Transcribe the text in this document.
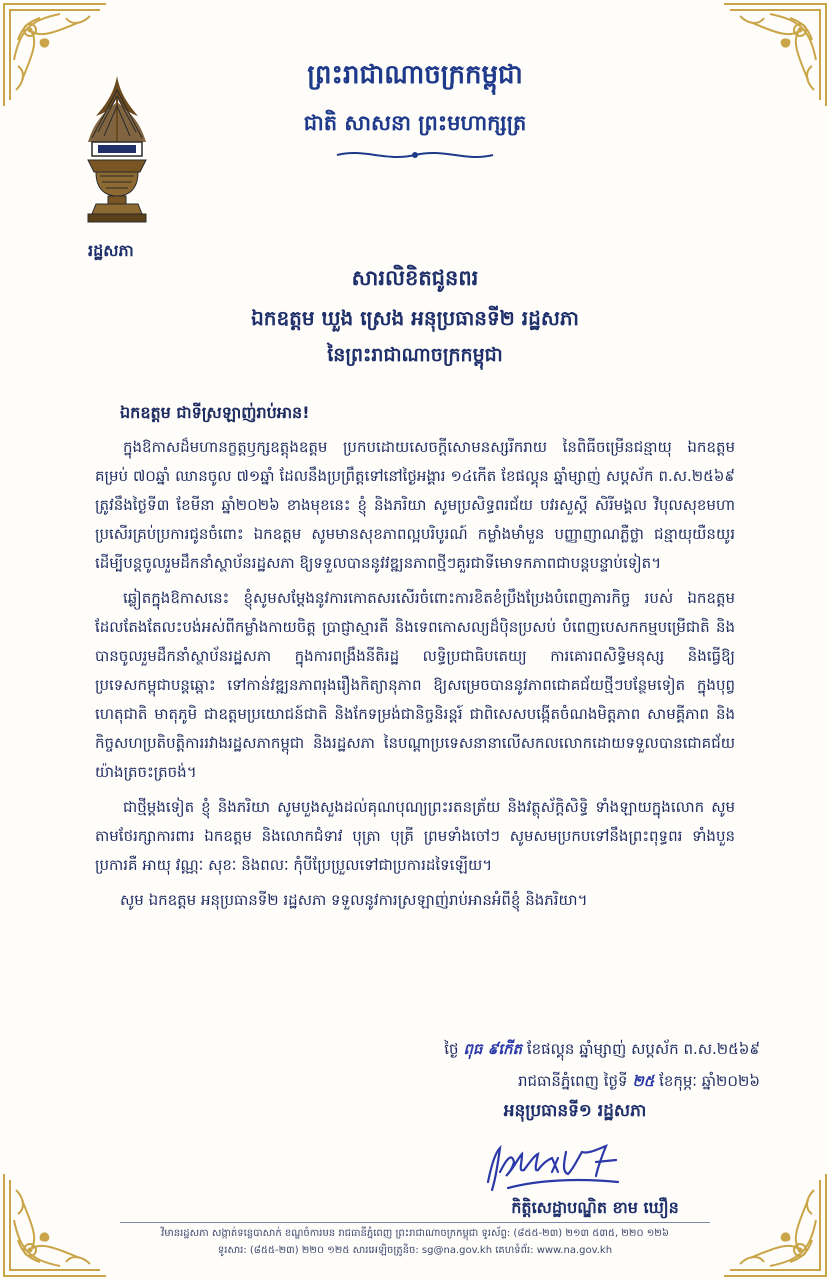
រដ្ឋសភា
ព្រះរាជាណាចក្រកម្ពុជា
ជាតិ សាសនា ព្រះមហាក្សត្រ
សារលិខិតជូនពរ
ឯកឧត្តម ឃួង ស្រេង អនុប្រធានទី២ រដ្ឋសភា
នៃព្រះរាជាណាចក្រកម្ពុជា

ឯកឧត្តម ជាទីស្រឡាញ់រាប់អាន!

ក្នុងឱកាសដ៏មហានក្ខត្តឫក្សឧត្តុងឧត្តម ប្រកបដោយសេចក្តីសោមនស្សរីករាយ នៃពិធីចម្រើនជន្មាយុ ឯកឧត្តម គម្រប់ ៧០ឆ្នាំ ឈានចូល ៧១ឆ្នាំ ដែលនឹងប្រព្រឹត្តទៅនៅថ្ងៃអង្គារ ១៤កើត ខែផល្គុន ឆ្នាំម្សាញ់ សប្តស័ក ព.ស.២៥៦៩ ត្រូវនឹងថ្ងៃទី៣ ខែមីនា ឆ្នាំ២០២៦ ខាងមុខនេះ ខ្ញុំ និងភរិយា សូមប្រសិទ្ធពរជ័យ បវរសួស្តី សិរីមង្គល វិបុលសុខមហាប្រសើរគ្រប់ប្រការជូនចំពោះ ឯកឧត្តម សូមមានសុខភាពល្អបរិបូរណ៍ កម្លាំងមាំមួន បញ្ញាញាណភ្លឺថ្លា ជន្មាយុយឺនយូរ ដើម្បីបន្តចូលរួមដឹកនាំស្ថាប័នរដ្ឋសភា ឱ្យទទួលបាននូវវឌ្ឍនភាពថ្មីៗគួរជាទីមោទកភាពជាបន្តបន្ទាប់ទៀត។

ឆ្លៀតក្នុងឱកាសនេះ ខ្ញុំសូមសម្តែងនូវការកោតសរសើរចំពោះការខិតខំប្រឹងប្រែងបំពេញភារកិច្ច របស់ ឯកឧត្តម ដែលតែងតែលះបង់អស់ពីកម្លាំងកាយចិត្ត ប្រាជ្ញាស្មារតី និងទេពកោសល្យដ៏ប៉ិនប្រសប់ បំពេញបេសកកម្មបម្រើជាតិ និងបានចូលរួមដឹកនាំស្ថាប័នរដ្ឋសភា ក្នុងការពង្រឹងនីតិរដ្ឋ លទ្ធិប្រជាធិបតេយ្យ ការគោរពសិទ្ធិមនុស្ស និងធ្វើឱ្យប្រទេសកម្ពុជាបន្តឆ្ពោះ ទៅកាន់វឌ្ឍនភាពរុងរឿងកិត្យានុភាព ឱ្យសម្រេចបាននូវភាពជោគជ័យថ្មីៗបន្ថែមទៀត ក្នុងបុព្វហេតុជាតិ មាតុភូមិ ជាឧត្តមប្រយោជន៍ជាតិ និងកែទម្រង់ជានិច្ចនិរន្តរ៍ ជាពិសេសបង្កើតចំណងមិត្តភាព សាមគ្គីភាព និងកិច្ចសហប្រតិបត្តិការរវាងរដ្ឋសភាកម្ពុជា និងរដ្ឋសភា នៃបណ្តាប្រទេសនានាលើសកលលោកដោយទទួលបានជោគជ័យយ៉ាងត្រចះត្រចង់។

ជាថ្មីម្តងទៀត ខ្ញុំ និងភរិយា សូមបួងសួងដល់គុណបុណ្យព្រះរតនត្រ័យ និងវត្ថុស័ក្តិសិទ្ធិ ទាំងឡាយក្នុងលោក សូមតាមថែរក្សាការពារ ឯកឧត្តម និងលោកជំទាវ បុត្រា បុត្រី ព្រមទាំងចៅៗ សូមសមប្រកបទៅនឹងព្រះពុទ្ធពរ ទាំងបួនប្រការគឺ អាយុ វណ្ណៈ សុខៈ និងពលៈ កុំបីប្រែប្រួលទៅជាប្រការដទៃឡើយ។

សូម ឯកឧត្តម អនុប្រធានទី២ រដ្ឋសភា ទទួលនូវការស្រឡាញ់រាប់អានអំពីខ្ញុំ និងភរិយា។

ថ្ងៃ ពុធ ៩កើត ខែផល្គុន ឆ្នាំម្សាញ់ សប្តស័ក ព.ស.២៥៦៩
រាជធានីភ្នំពេញ ថ្ងៃទី ២៥ ខែកុម្ភៈ ឆ្នាំ២០២៦
អនុប្រធានទី១ រដ្ឋសភា
កិត្តិសេដ្ឋាបណ្ឌិត ខាម ឃឿន
វិមានរដ្ឋសភា សង្កាត់ទន្លេបាសាក់ ខណ្ឌចំការមន រាជធានីភ្នំពេញ ព្រះរាជាណាចក្រកម្ពុជា ទូរស័ព្ទ: (៨៥៥-២៣) ២១៣ ៥៣៥, ២២០ ១២៦
ទូរសារ: (៨៥៥-២៣) ២២០ ១២៥ សារអេឡិចត្រូនិច: sg@na.gov.kh គេហទំព័រ: www.na.gov.kh
